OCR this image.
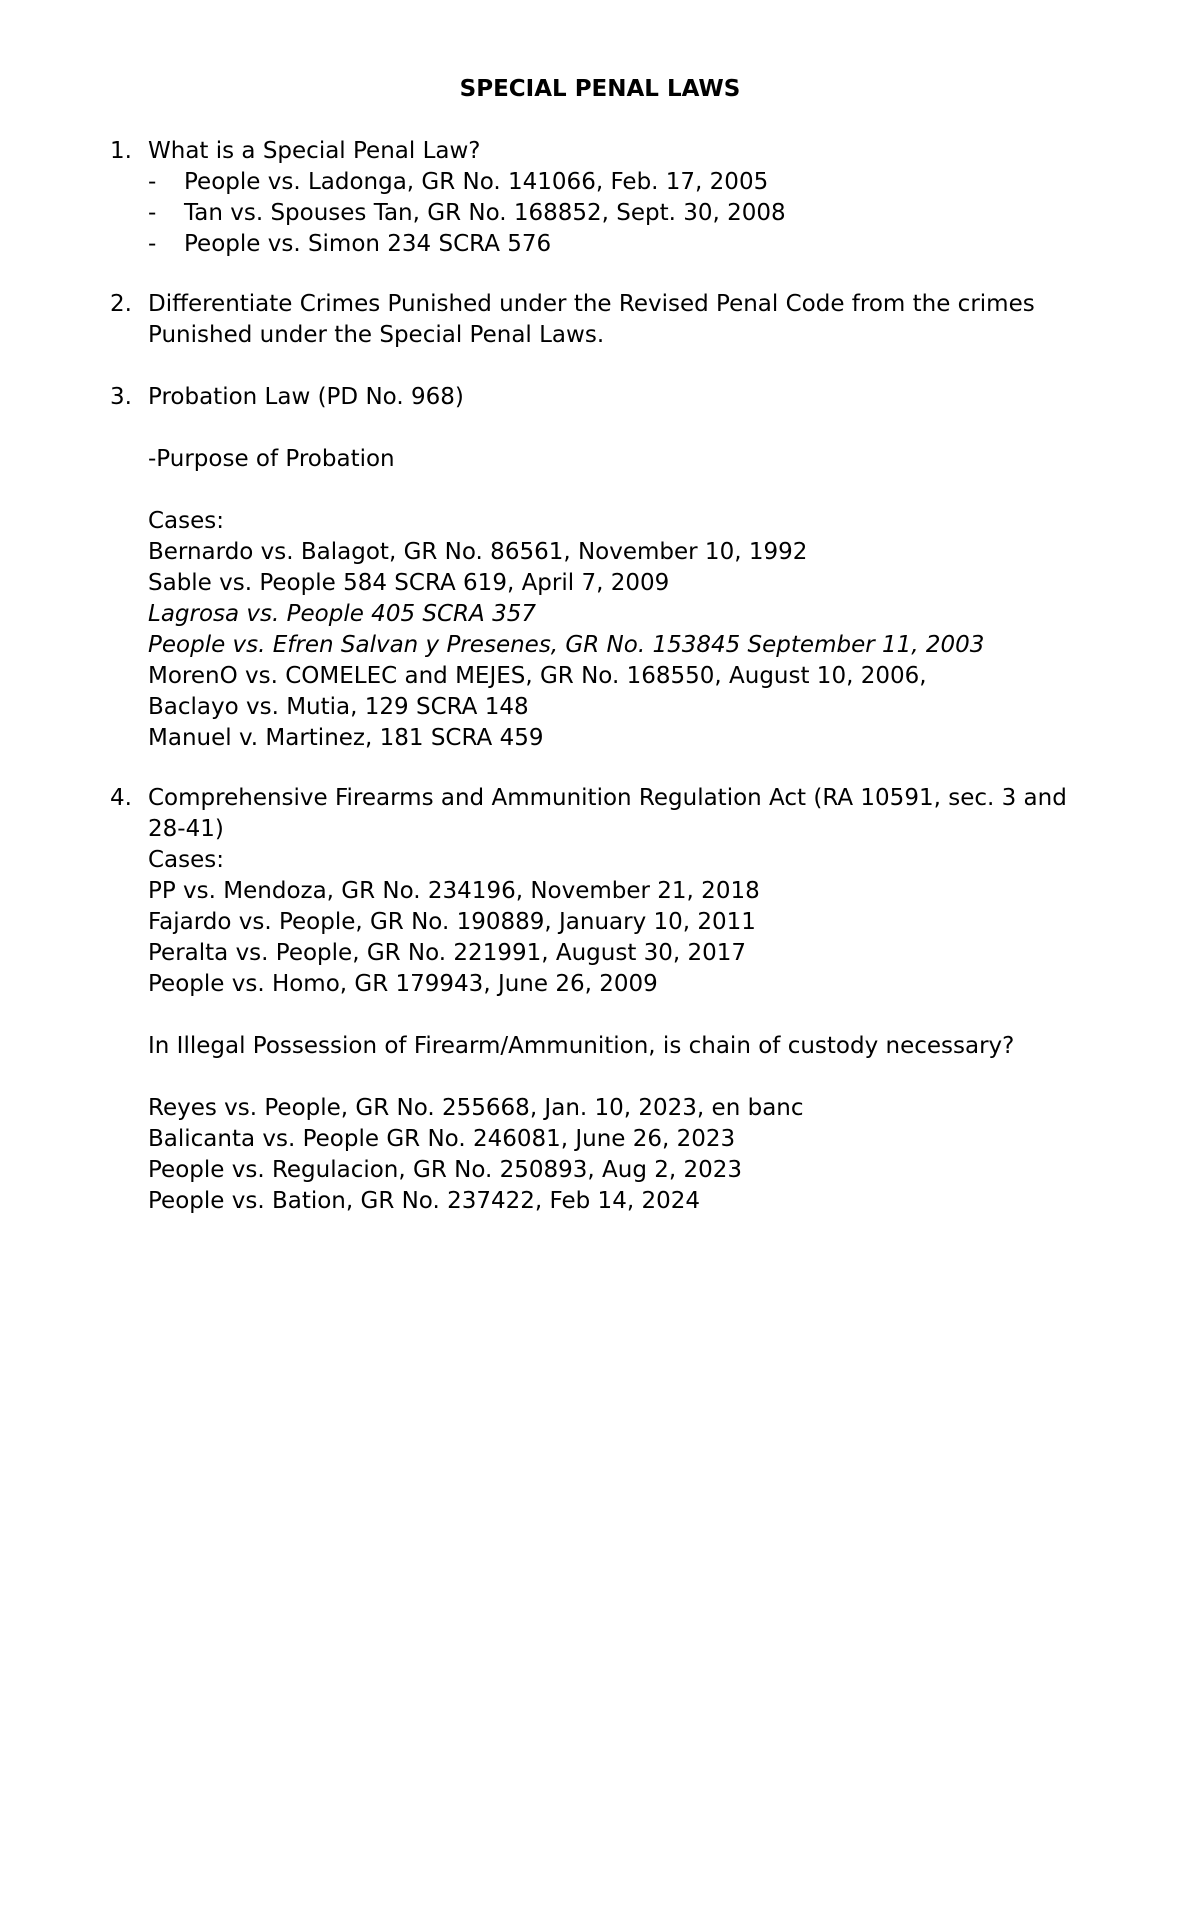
SPECIAL PENAL LAWS
1. What is a Special Penal Law?
-	People vs. Ladonga, GR No. 141066, Feb. 17, 2005
-	Tan vs. Spouses Tan, GR No. 168852, Sept. 30, 2008
-	People vs. Simon 234 SCRA 576
2. Differentiate Crimes Punished under the Revised Penal Code from the crimes
Punished under the Special Penal Laws.
3. Probation Law (PD No. 968)
-Purpose of Probation
Cases:
Bernardo vs. Balagot, GR No. 86561, November 10, 1992
Sable vs. People 584 SCRA 619, April 7, 2009
Lagrosa vs. People 405 SCRA 357
People vs. Efren Salvan y Presenes, GR No. 153845 September 11, 2003
MorenO vs. COMELEC and MEJES, GR No. 168550, August 10, 2006,
Baclayo vs. Mutia, 129 SCRA 148
Manuel v. Martinez, 181 SCRA 459
4. Comprehensive Firearms and Ammunition Regulation Act (RA 10591, sec. 3 and
28-41)
Cases:
PP vs. Mendoza, GR No. 234196, November 21, 2018
Fajardo vs. People, GR No. 190889, January 10, 2011
Peralta vs. People, GR No. 221991, August 30, 2017
People vs. Homo, GR 179943, June 26, 2009
In Illegal Possession of Firearm/Ammunition, is chain of custody necessary?
Reyes vs. People, GR No. 255668, Jan. 10, 2023, en banc
Balicanta vs. People GR No. 246081, June 26, 2023
People vs. Regulacion, GR No. 250893, Aug 2, 2023
People vs. Bation, GR No. 237422, Feb 14, 2024
